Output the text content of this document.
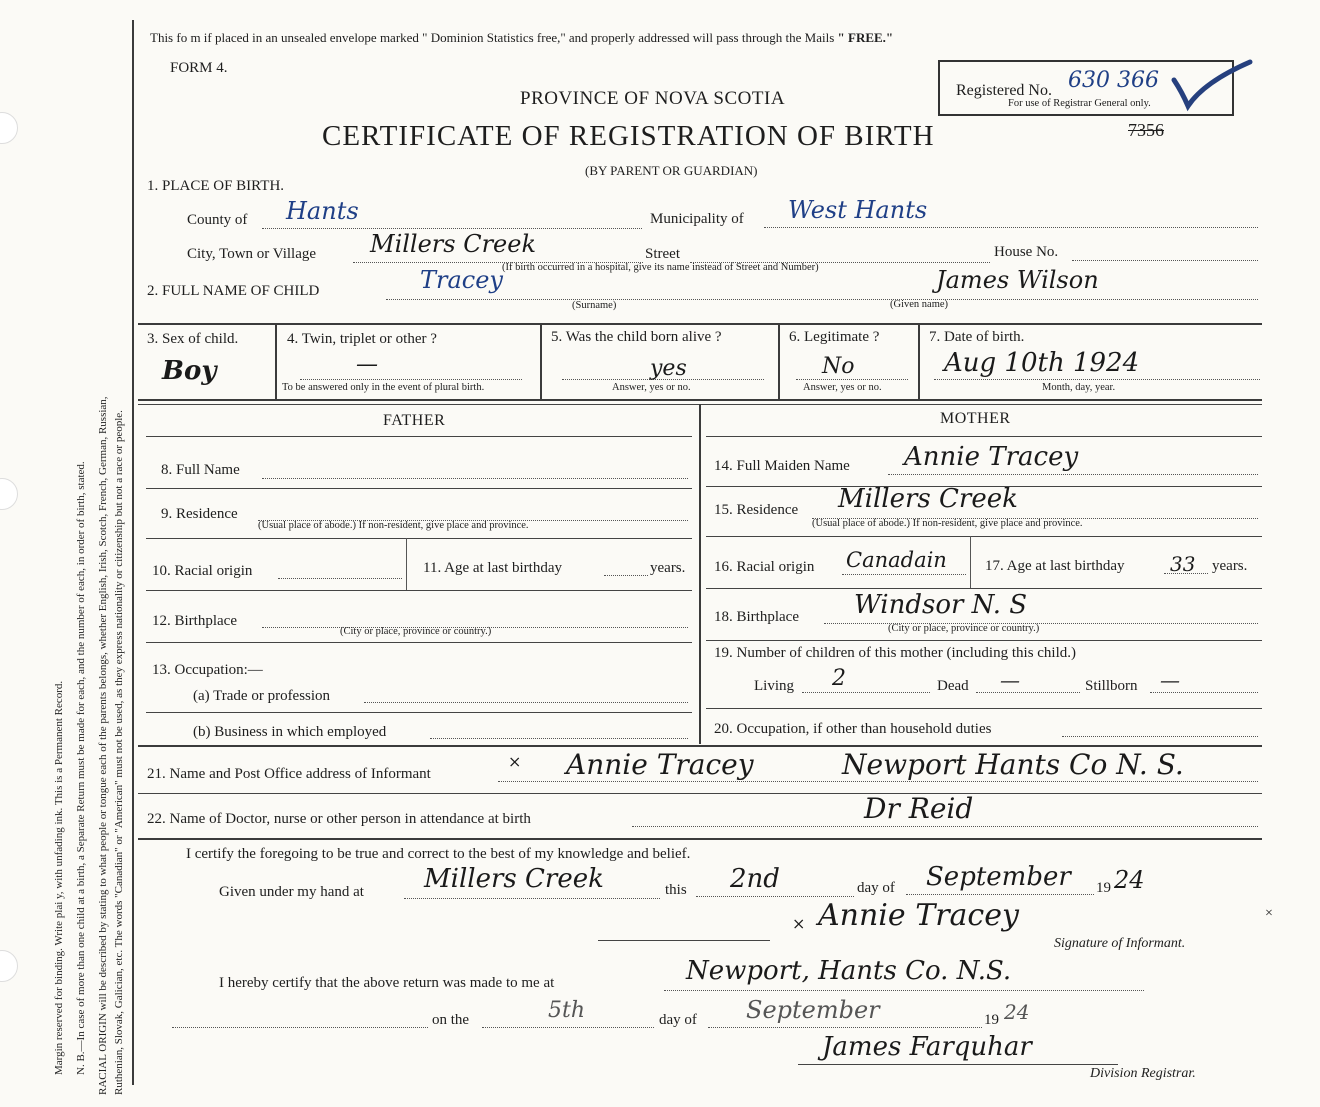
Margin reserved for binding. Write plai y, with unfading ink. This is a Permanent Record. N. B.—In case of more than one child at a birth, a Separate Return must be made for each, and the number of each, in order of birth, stated. RACIAL ORIGIN will be described by stating to what people or tongue each of the parents belongs, whether English, Irish, Scotch, French, German, Russian, Ruthenian, Slovak, Galician, etc. The words "Canadian" or "American" must not be used, as they express nationality or citizenship but not a race or people.
This fo m if placed in an unsealed envelope marked " Dominion Statistics free," and properly addressed will pass through the Mails " FREE."
FORM 4.
Registered No. 630 366
For use of Registrar General only.
PROVINCE OF NOVA SCOTIA
CERTIFICATE OF REGISTRATION OF BIRTH	7356
(BY PARENT OR GUARDIAN)
1. PLACE OF BIRTH.
County of Hants	Municipality of West Hants
City, Town or Village Millers Creek	Street	House No.
(If birth occurred in a hospital, give its name instead of Street and Number)
2. FULL NAME OF CHILD	Tracey
(Surname)
James Wilson
(Given name)
3. Sex of child.
Boy
4. Twin, triplet or other ?
—
To be answered only in the event of plural birth.
5. Was the child born alive ?
yes
Answer, yes or no.
6. Legitimate ?
No
Answer, yes or no.
7. Date of birth.
Aug 10th 1924
Month, day, year.
FATHER	MOTHER
8. Full Name
9. Residence
(Usual place of abode.) If non-resident, give place and province.
10. Racial origin	11. Age at last birthday	years.
12. Birthplace
(City or place, province or country.)
13. Occupation:—
(a) Trade or profession
(b) Business in which employed
14. Full Maiden Name Annie Tracey
15. Residence Millers Creek
(Usual place of abode.) If non-resident, give place and province.
16. Racial origin Canadain	17. Age at last birthday 33 years.
18. Birthplace Windsor N. S
(City or place, province or country.)
19. Number of children of this mother (including this child.)
Living 2	Dead —	Stillborn —
20. Occupation, if other than household duties
21. Name and Post Office address of Informant
× Annie Tracey	Newport Hants Co N. S.
22. Name of Doctor, nurse or other person in attendance at birth	Dr Reid
I certify the foregoing to be true and correct to the best of my knowledge and belief.
Given under my hand at Millers Creek	this 2nd	day of September 19 24
× Annie Tracey	×
Signature of Informant.
I hereby certify that the above return was made to me at	Newport, Hants Co. N.S.
on the	5th	day of September	19 24
James Farquhar
Division Registrar.
